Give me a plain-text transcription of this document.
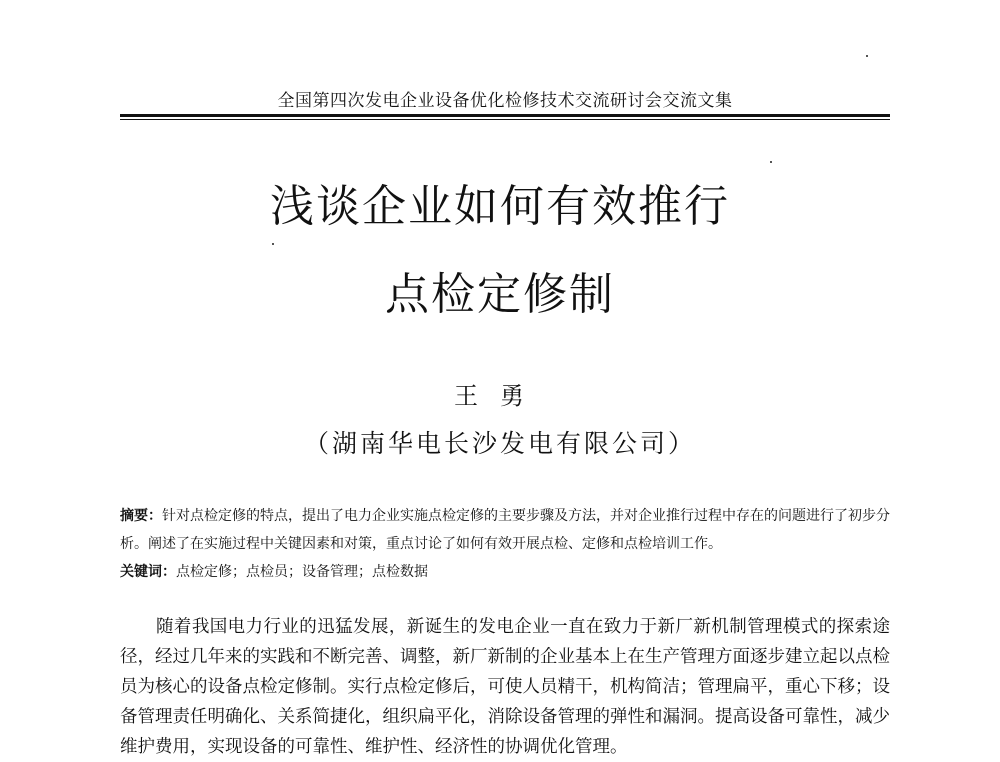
全国第四次发电企业设备优化检修技术交流研讨会交流文集
浅谈企业如何有效推行
点检定修制
王勇
（湖南华电长沙发电有限公司）
摘要：针对点检定修的特点，提出了电力企业实施点检定修的主要步骤及方法，并对企业推行过程中存在的问题进行了初步分析。阐述了在实施过程中关键因素和对策，重点讨论了如何有效开展点检、定修和点检培训工作。
关键词：点检定修；点检员；设备管理；点检数据
随着我国电力行业的迅猛发展，新诞生的发电企业一直在致力于新厂新机制管理模式的探索途径，经过几年来的实践和不断完善、调整，新厂新制的企业基本上在生产管理方面逐步建立起以点检员为核心的设备点检定修制。实行点检定修后，可使人员精干，机构简洁；管理扁平，重心下移；设备管理责任明确化、关系简捷化，组织扁平化，消除设备管理的弹性和漏洞。提高设备可靠性，减少维护费用，实现设备的可靠性、维护性、经济性的协调优化管理。
